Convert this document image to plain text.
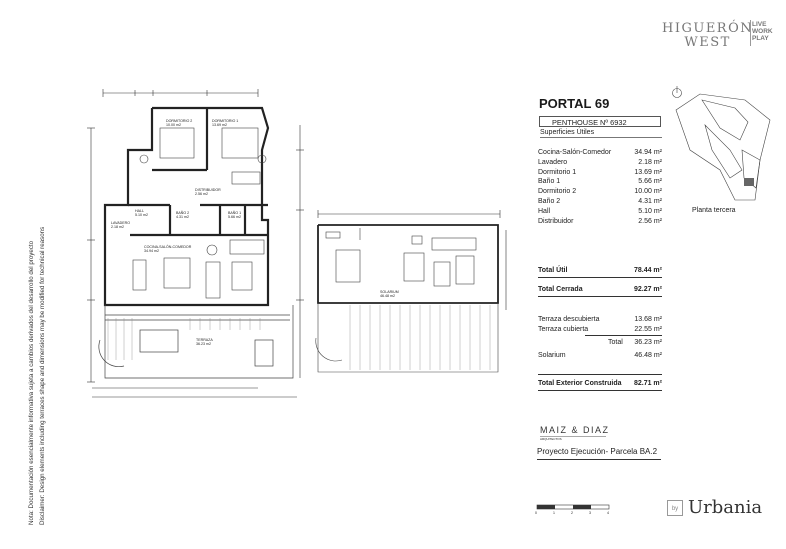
HIGUERÓN
WEST
LIVE
WORK
PLAY
Nota: Documentación esencialmente informativa sujeta a cambios derivados del desarrollo del proyecto Disclaimer: Design elements including terraces shape and dimensions may be modified for technical reasons
DORMITORIO 2
10.00 m2
DORMITORIO 1
13.69 m2
DISTRIBUIDOR
2.56 m2
HALL
5.10 m2
LAVADERO
2.18 m2
BAÑO 2
4.31 m2
BAÑO 1
5.66 m2
COCINA-SALÓN-COMEDOR
34.94 m2
TERRAZA
36.23 m2
SOLARIUM
46.48 m2
PORTAL 69
PENTHOUSE Nº 6932
Superficies Útiles
Cocina-Salón-Comedor	34.94 m²
Lavadero	2.18 m²
Dormitorio 1	13.69 m²
Baño 1	5.66 m²
Dormitorio 2	10.00 m²
Baño 2	4.31 m²
Hall	5.10 m²
Distribuidor	2.56 m²
Total Útil	78.44 m²
Total Cerrada	92.27 m²
Terraza descubierta	13.68 m²
Terraza cubierta	22.55 m²
Total 36.23 m²
Solarium	46.48 m²
Total Exterior Construida 82.71 m²
Planta tercera
MAIZ & DIAZ
ARQUITECTOS
Proyecto Ejecución- Parcela BA.2
0	1	2	3	4
by Urbania
